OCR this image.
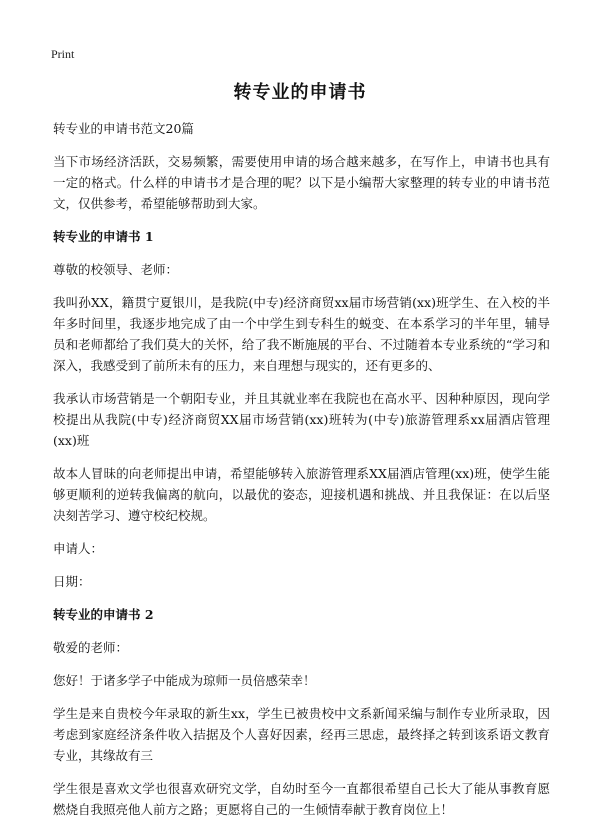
Print
转专业的申请书

转专业的申请书范文20篇

当下市场经济活跃，交易频繁，需要使用申请的场合越来越多，在写作上，申请书也具有一定的格式。什么样的申请书才是合理的呢？以下是小编帮大家整理的转专业的申请书范文，仅供参考，希望能够帮助到大家。

转专业的申请书 1

尊敬的校领导、老师：

我叫孙XX，籍贯宁夏银川，是我院(中专)经济商贸xx届市场营销(xx)班学生、在入校的半年多时间里，我逐步地完成了由一个中学生到专科生的蜕变、在本系学习的半年里，辅导员和老师都给了我们莫大的关怀，给了我不断施展的平台、不过随着本专业系统的“学习和深入，我感受到了前所未有的压力，来自理想与现实的，还有更多的、

我承认市场营销是一个朝阳专业，并且其就业率在我院也在高水平、因种种原因，现向学校提出从我院(中专)经济商贸XX届市场营销(xx)班转为(中专)旅游管理系xx届酒店管理(xx)班

故本人冒昧的向老师提出申请，希望能够转入旅游管理系XX届酒店管理(xx)班，使学生能够更顺利的逆转我偏离的航向，以最优的姿态，迎接机遇和挑战、并且我保证：在以后坚决刻苦学习、遵守校纪校规。

申请人：

日期：

转专业的申请书 2

敬爱的老师：

您好！于诸多学子中能成为琼师一员倍感荣幸！

学生是来自贵校今年录取的新生xx，学生已被贵校中文系新闻采编与制作专业所录取，因考虑到家庭经济条件收入拮据及个人喜好因素，经再三思虑，最终择之转到该系语文教育专业，其缘故有三

学生很是喜欢文学也很喜欢研究文学，自幼时至今一直都很希望自己长大了能从事教育愿燃烧自我照亮他人前方之路；更愿将自己的一生倾情奉献于教育岗位上！
